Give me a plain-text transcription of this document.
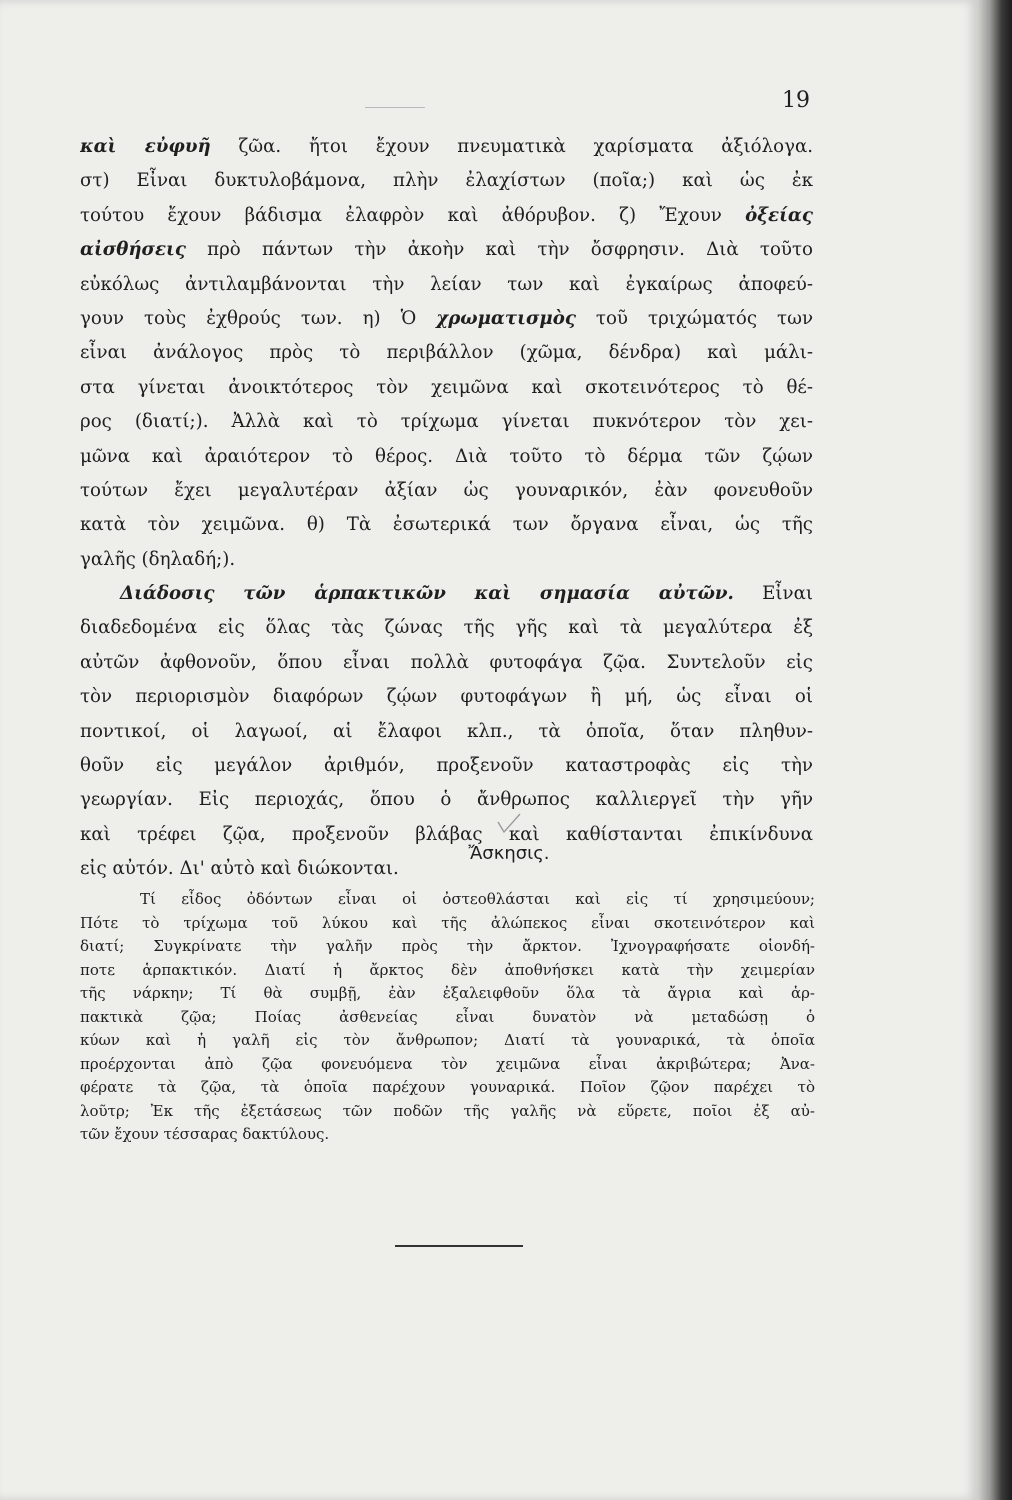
19
καὶ εὐφυῆ ζῶα. ἤτοι ἔχουν πνευματικὰ χαρίσματα ἀξιόλογα.
στ) Εἶναι δυκτυλοβάμονα, πλὴν ἐλαχίστων (ποῖα;) καὶ ὡς ἐκ
τούτου ἔχουν βάδισμα ἐλαφρὸν καὶ ἀθόρυβον. ζ) Ἔχουν ὀξείας
αἰσθήσεις πρὸ πάντων τὴν ἀκοὴν καὶ τὴν ὄσφρησιν. Διὰ τοῦτο
εὐκόλως ἀντιλαμβάνονται τὴν λείαν των καὶ ἐγκαίρως ἀποφεύ-
γουν τοὺς ἐχθρούς των. η) Ὁ χρωματισμὸς τοῦ τριχώματός των
εἶναι ἀνάλογος πρὸς τὸ περιβάλλον (χῶμα, δένδρα) καὶ μάλι-
στα γίνεται ἀνοικτότερος τὸν χειμῶνα καὶ σκοτεινότερος τὸ θέ-
ρος (διατί;). Ἀλλὰ καὶ τὸ τρίχωμα γίνεται πυκνότερον τὸν χει-
μῶνα καὶ ἀραιότερον τὸ θέρος. Διὰ τοῦτο τὸ δέρμα τῶν ζῴων
τούτων ἔχει μεγαλυτέραν ἀξίαν ὡς γουναρικόν, ἐὰν φονευθοῦν
κατὰ τὸν χειμῶνα. θ) Τὰ ἐσωτερικά των ὄργανα εἶναι, ὡς τῆς
γαλῆς (δηλαδή;).
Διάδοσις τῶν ἁρπακτικῶν καὶ σημασία αὐτῶν. Εἶναι
διαδεδομένα εἰς ὅλας τὰς ζώνας τῆς γῆς καὶ τὰ μεγαλύτερα ἐξ
αὐτῶν ἀφθονοῦν, ὅπου εἶναι πολλὰ φυτοφάγα ζῷα. Συντελοῦν εἰς
τὸν περιορισμὸν διαφόρων ζῴων φυτοφάγων ἢ μή, ὡς εἶναι οἱ
ποντικοί, οἱ λαγωοί, αἱ ἔλαφοι κλπ., τὰ ὁποῖα, ὅταν πληθυν-
θοῦν εἰς μεγάλον ἀριθμόν, προξενοῦν καταστροφὰς εἰς τὴν
γεωργίαν. Εἰς περιοχάς, ὅπου ὁ ἄνθρωπος καλλιεργεῖ τὴν γῆν
καὶ τρέφει ζῷα, προξενοῦν βλάβας καὶ καθίστανται ἐπικίνδυνα
εἰς αὐτόν. Δι' αὐτὸ καὶ διώκονται.
Ἄσκησις.
Τί εἶδος ὀδόντων εἶναι οἱ ὀστεοθλάσται καὶ εἰς τί χρησιμεύουν;
Πότε τὸ τρίχωμα τοῦ λύκου καὶ τῆς ἀλώπεκος εἶναι σκοτεινότερον καὶ
διατί; Συγκρίνατε τὴν γαλῆν πρὸς τὴν ἄρκτον. Ἰχνογραφήσατε οἱονδή-
ποτε ἁρπακτικόν. Διατί ἡ ἄρκτος δὲν ἀποθνήσκει κατὰ τὴν χειμερίαν
τῆς νάρκην; Τί θὰ συμβῇ, ἐὰν ἐξαλειφθοῦν ὅλα τὰ ἄγρια καὶ ἁρ-
πακτικὰ ζῷα; Ποίας ἀσθενείας εἶναι δυνατὸν νὰ μεταδώσῃ ὁ
κύων καὶ ἡ γαλῆ εἰς τὸν ἄνθρωπον; Διατί τὰ γουναρικά, τὰ ὁποῖα
προέρχονται ἀπὸ ζῷα φονευόμενα τὸν χειμῶνα εἶναι ἀκριβώτερα; Ἀνα-
φέρατε τὰ ζῷα, τὰ ὁποῖα παρέχουν γουναρικά. Ποῖον ζῷον παρέχει τὸ
λοῦτρ; Ἐκ τῆς ἐξετάσεως τῶν ποδῶν τῆς γαλῆς νὰ εὕρετε, ποῖοι ἐξ αὐ-
τῶν ἔχουν τέσσαρας δακτύλους.
